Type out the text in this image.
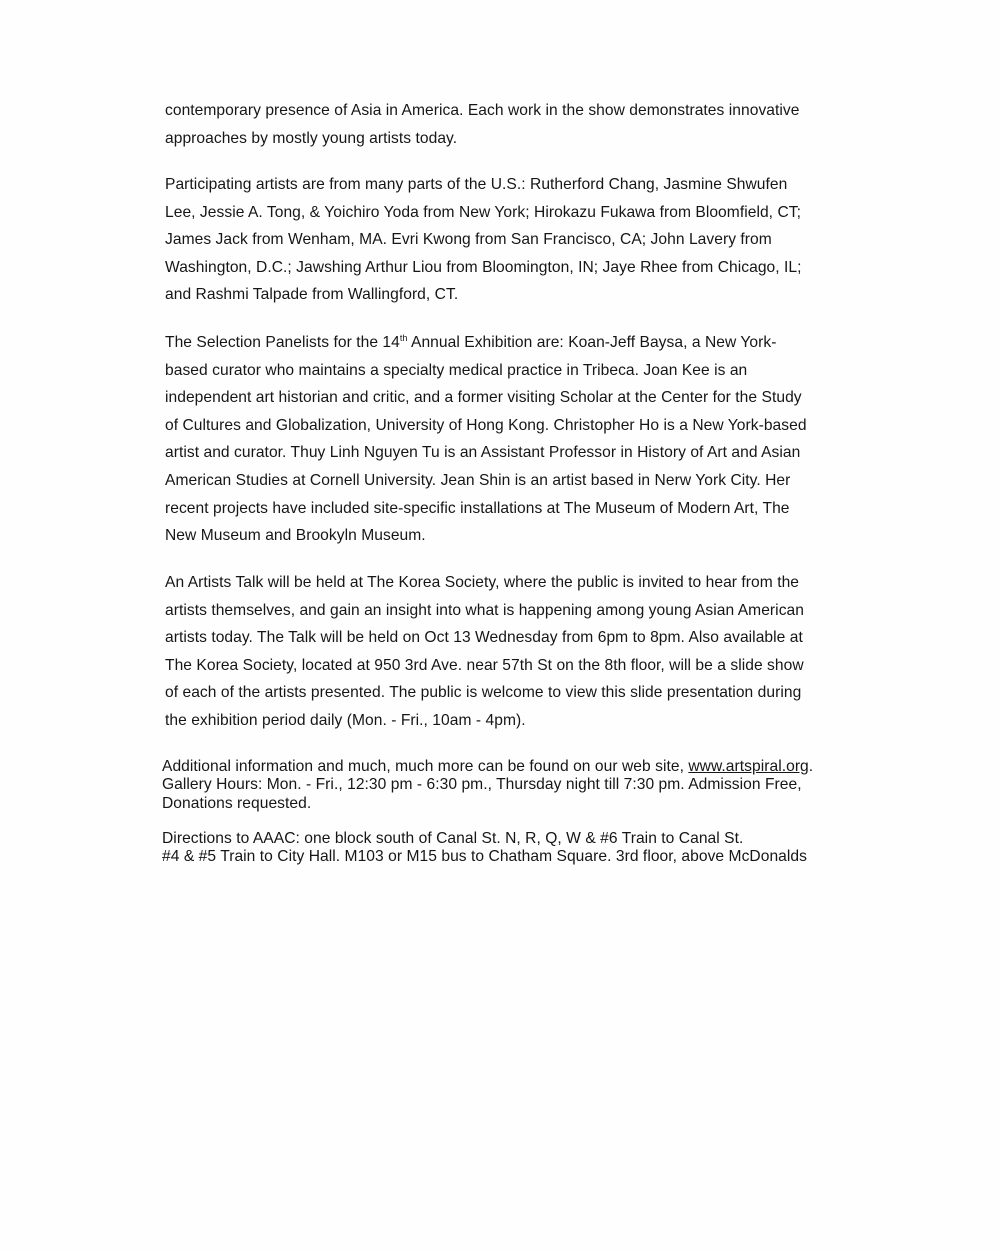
contemporary presence of Asia in America. Each work in the show demonstrates innovative
approaches by mostly young artists today.

Participating artists are from many parts of the U.S.: Rutherford Chang, Jasmine Shwufen
Lee, Jessie A. Tong, & Yoichiro Yoda from New York; Hirokazu Fukawa from Bloomfield, CT;
James Jack from Wenham, MA. Evri Kwong from San Francisco, CA; John Lavery from
Washington, D.C.; Jawshing Arthur Liou from Bloomington, IN; Jaye Rhee from Chicago, IL;
and Rashmi Talpade from Wallingford, CT.

The Selection Panelists for the 14th Annual Exhibition are: Koan-Jeff Baysa, a New York-
based curator who maintains a specialty medical practice in Tribeca. Joan Kee is an
independent art historian and critic, and a former visiting Scholar at the Center for the Study
of Cultures and Globalization, University of Hong Kong. Christopher Ho is a New York-based
artist and curator. Thuy Linh Nguyen Tu is an Assistant Professor in History of Art and Asian
American Studies at Cornell University. Jean Shin is an artist based in Nerw York City. Her
recent projects have included site-specific installations at The Museum of Modern Art, The
New Museum and Brookyln Museum.

An Artists Talk will be held at The Korea Society, where the public is invited to hear from the
artists themselves, and gain an insight into what is happening among young Asian American
artists today. The Talk will be held on Oct 13 Wednesday from 6pm to 8pm. Also available at
The Korea Society, located at 950 3rd Ave. near 57th St on the 8th floor, will be a slide show
of each of the artists presented. The public is welcome to view this slide presentation during
the exhibition period daily (Mon. - Fri., 10am - 4pm).

Additional information and much, much more can be found on our web site, www.artspiral.org.
Gallery Hours: Mon. - Fri., 12:30 pm - 6:30 pm., Thursday night till 7:30 pm. Admission Free,
Donations requested.

Directions to AAAC: one block south of Canal St. N, R, Q, W & #6 Train to Canal St.
#4 & #5 Train to City Hall. M103 or M15 bus to Chatham Square. 3rd floor, above McDonalds
